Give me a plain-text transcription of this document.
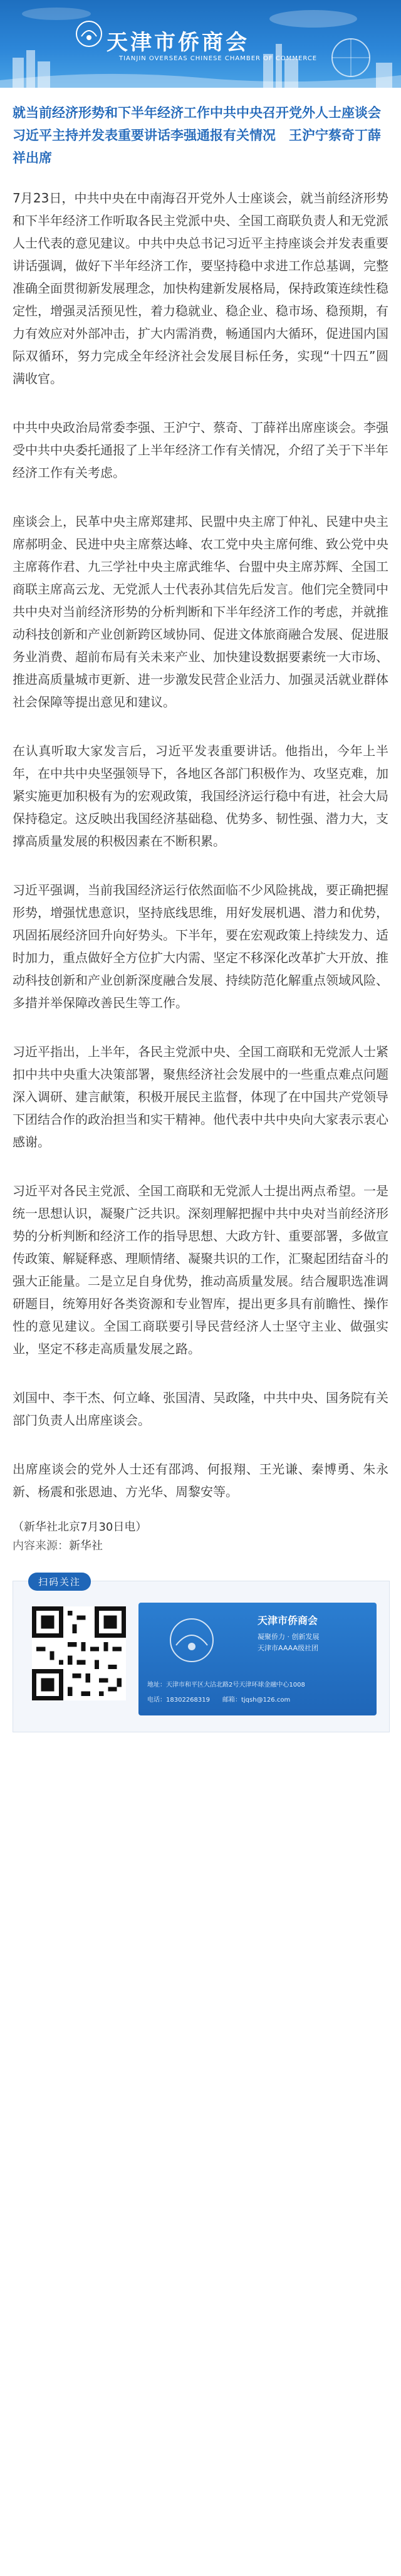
天津市侨商会
TIANJIN OVERSEAS CHINESE CHAMBER OF COMMERCE
就当前经济形势和下半年经济工作中共中央召开党外人士座谈会习近平主持并发表重要讲话李强通报有关情况　王沪宁蔡奇丁薛祥出席

7月23日，中共中央在中南海召开党外人士座谈会，就当前经济形势和下半年经济工作听取各民主党派中央、全国工商联负责人和无党派人士代表的意见建议。中共中央总书记习近平主持座谈会并发表重要讲话强调，做好下半年经济工作，要坚持稳中求进工作总基调，完整准确全面贯彻新发展理念，加快构建新发展格局，保持政策连续性稳定性，增强灵活预见性，着力稳就业、稳企业、稳市场、稳预期，有力有效应对外部冲击，扩大内需消费，畅通国内大循环，促进国内国际双循环，努力完成全年经济社会发展目标任务，实现“十四五”圆满收官。

中共中央政治局常委李强、王沪宁、蔡奇、丁薛祥出席座谈会。李强受中共中央委托通报了上半年经济工作有关情况，介绍了关于下半年经济工作有关考虑。

座谈会上，民革中央主席郑建邦、民盟中央主席丁仲礼、民建中央主席郝明金、民进中央主席蔡达峰、农工党中央主席何维、致公党中央主席蒋作君、九三学社中央主席武维华、台盟中央主席苏辉、全国工商联主席高云龙、无党派人士代表孙其信先后发言。他们完全赞同中共中央对当前经济形势的分析判断和下半年经济工作的考虑，并就推动科技创新和产业创新跨区域协同、促进文体旅商融合发展、促进服务业消费、超前布局有关未来产业、加快建设数据要素统一大市场、推进高质量城市更新、进一步激发民营企业活力、加强灵活就业群体社会保障等提出意见和建议。

在认真听取大家发言后，习近平发表重要讲话。他指出，今年上半年，在中共中央坚强领导下，各地区各部门积极作为、攻坚克难，加紧实施更加积极有为的宏观政策，我国经济运行稳中有进，社会大局保持稳定。这反映出我国经济基础稳、优势多、韧性强、潜力大，支撑高质量发展的积极因素在不断积累。

习近平强调，当前我国经济运行依然面临不少风险挑战，要正确把握形势，增强忧患意识，坚持底线思维，用好发展机遇、潜力和优势，巩固拓展经济回升向好势头。下半年，要在宏观政策上持续发力、适时加力，重点做好全方位扩大内需、坚定不移深化改革扩大开放、推动科技创新和产业创新深度融合发展、持续防范化解重点领域风险、多措并举保障改善民生等工作。

习近平指出，上半年，各民主党派中央、全国工商联和无党派人士紧扣中共中央重大决策部署，聚焦经济社会发展中的一些重点难点问题深入调研、建言献策，积极开展民主监督，体现了在中国共产党领导下团结合作的政治担当和实干精神。他代表中共中央向大家表示衷心感谢。

习近平对各民主党派、全国工商联和无党派人士提出两点希望。一是统一思想认识，凝聚广泛共识。深刻理解把握中共中央对当前经济形势的分析判断和经济工作的指导思想、大政方针、重要部署，多做宣传政策、解疑释惑、理顺情绪、凝聚共识的工作，汇聚起团结奋斗的强大正能量。二是立足自身优势，推动高质量发展。结合履职选准调研题目，统筹用好各类资源和专业智库，提出更多具有前瞻性、操作性的意见建议。全国工商联要引导民营经济人士坚守主业、做强实业，坚定不移走高质量发展之路。

刘国中、李干杰、何立峰、张国清、吴政隆，中共中央、国务院有关部门负责人出席座谈会。

出席座谈会的党外人士还有邵鸿、何报翔、王光谦、秦博勇、朱永新、杨震和张恩迪、方光华、周黎安等。

（新华社北京7月30日电）
内容来源：新华社
扫码关注
天津市侨商会
凝聚侨力 · 创新发展
天津市AAAA级社团
地址：天津市和平区大沽北路2号天津环球金融中心1008
电话：18302268319　　邮箱：tjqsh@126.com
